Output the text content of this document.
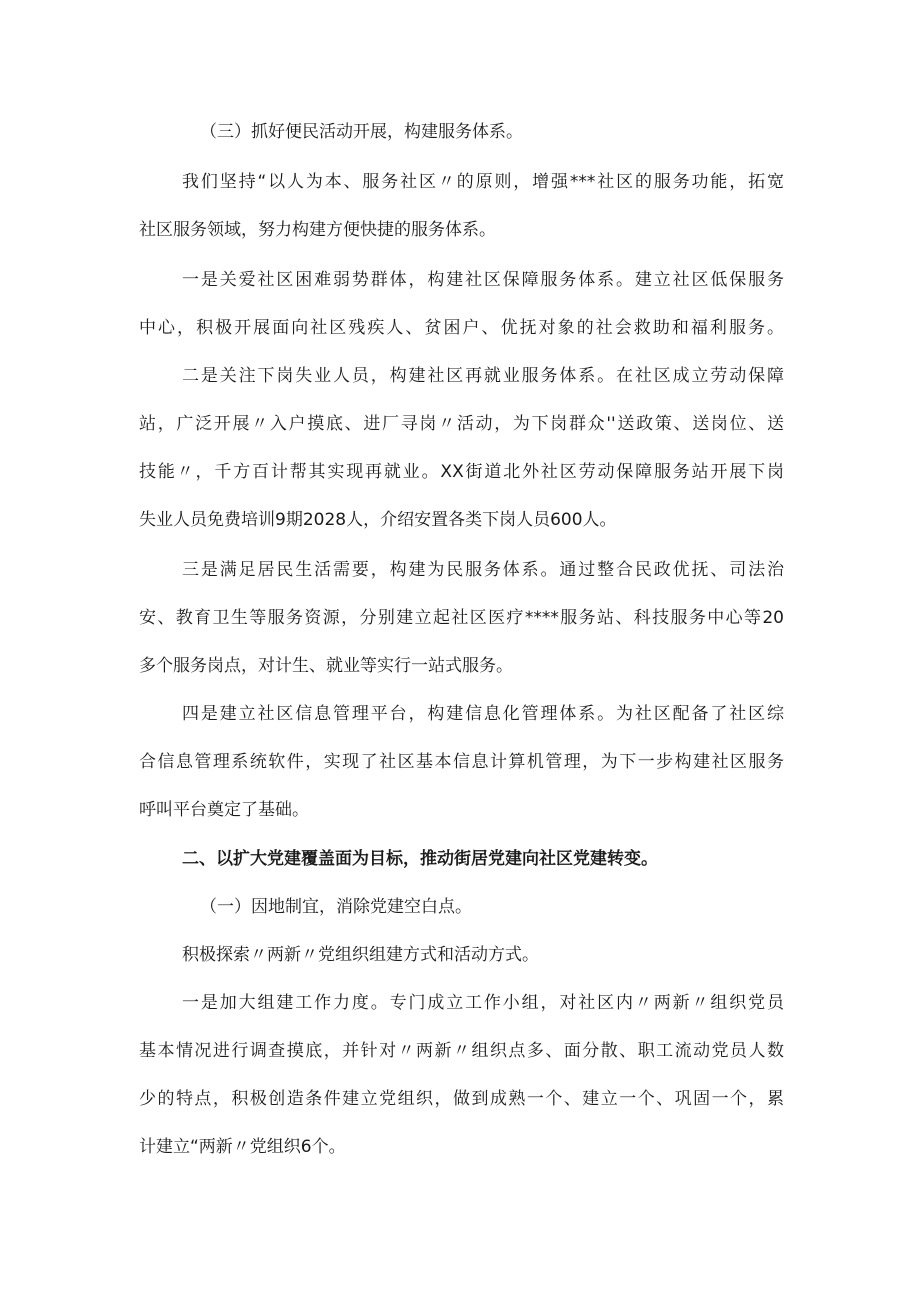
（三）抓好便民活动开展，构建服务体系。
我们坚持“以人为本、服务社区〃的原则，增强***社区的服务功能，拓宽
社区服务领域，努力构建方便快捷的服务体系。
一是关爱社区困难弱势群体，构建社区保障服务体系。建立社区低保服务
中心，积极开展面向社区残疾人、贫困户、优抚对象的社会救助和福利服务。
二是关注下岗失业人员，构建社区再就业服务体系。在社区成立劳动保障
站，广泛开展〃入户摸底、进厂寻岗〃活动，为下岗群众''送政策、送岗位、送
技能〃，千方百计帮其实现再就业。XX街道北外社区劳动保障服务站开展下岗
失业人员免费培训9期2028人，介绍安置各类下岗人员600人。
三是满足居民生活需要，构建为民服务体系。通过整合民政优抚、司法治
安、教育卫生等服务资源，分别建立起社区医疗****服务站、科技服务中心等20
多个服务岗点，对计生、就业等实行一站式服务。
四是建立社区信息管理平台，构建信息化管理体系。为社区配备了社区综
合信息管理系统软件，实现了社区基本信息计算机管理，为下一步构建社区服务
呼叫平台奠定了基础。
二、以扩大党建覆盖面为目标，推动街居党建向社区党建转变。
（一）因地制宜，消除党建空白点。
积极探索〃两新〃党组织组建方式和活动方式。
一是加大组建工作力度。专门成立工作小组，对社区内〃两新〃组织党员
基本情况进行调查摸底，并针对〃两新〃组织点多、面分散、职工流动党员人数
少的特点，积极创造条件建立党组织，做到成熟一个、建立一个、巩固一个，累
计建立“两新〃党组织6个。
